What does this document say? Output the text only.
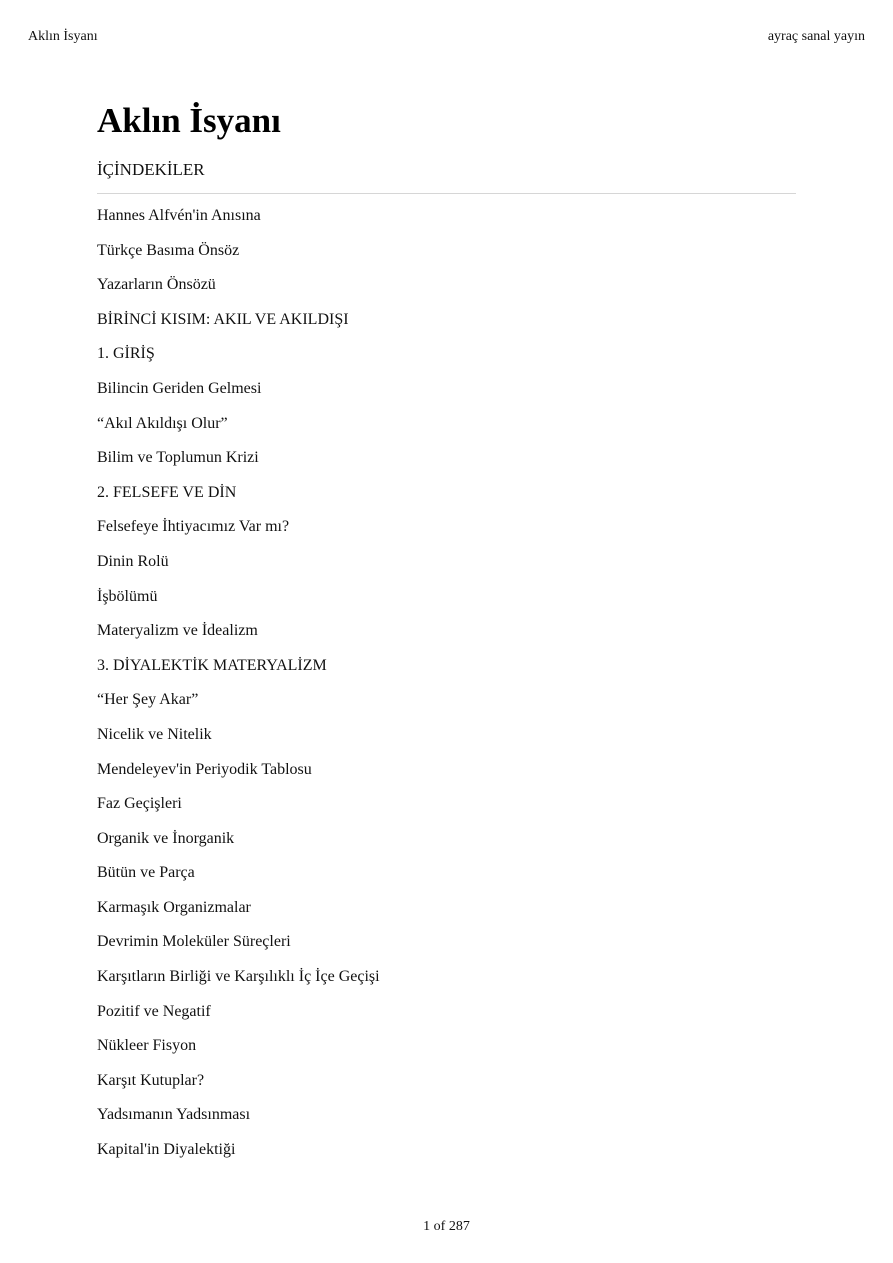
Aklın İsyanı	ayraç sanal yayın
Aklın İsyanı
İÇİNDEKİLER
Hannes Alfvén'in Anısına
Türkçe Basıma Önsöz
Yazarların Önsözü
BİRİNCİ KISIM: AKIL VE AKILDIŞI
1. GİRİŞ
Bilincin Geriden Gelmesi
“Akıl Akıldışı Olur”
Bilim ve Toplumun Krizi
2. FELSEFE VE DİN
Felsefeye İhtiyacımız Var mı?
Dinin Rolü
İşbölümü
Materyalizm ve İdealizm
3. DİYALEKTİK MATERYALİZM
“Her Şey Akar”
Nicelik ve Nitelik
Mendeleyev'in Periyodik Tablosu
Faz Geçişleri
Organik ve İnorganik
Bütün ve Parça
Karmaşık Organizmalar
Devrimin Moleküler Süreçleri
Karşıtların Birliği ve Karşılıklı İç İçe Geçişi
Pozitif ve Negatif
Nükleer Fisyon
Karşıt Kutuplar?
Yadsımanın Yadsınması
Kapital'in Diyalektiği
1 of 287
